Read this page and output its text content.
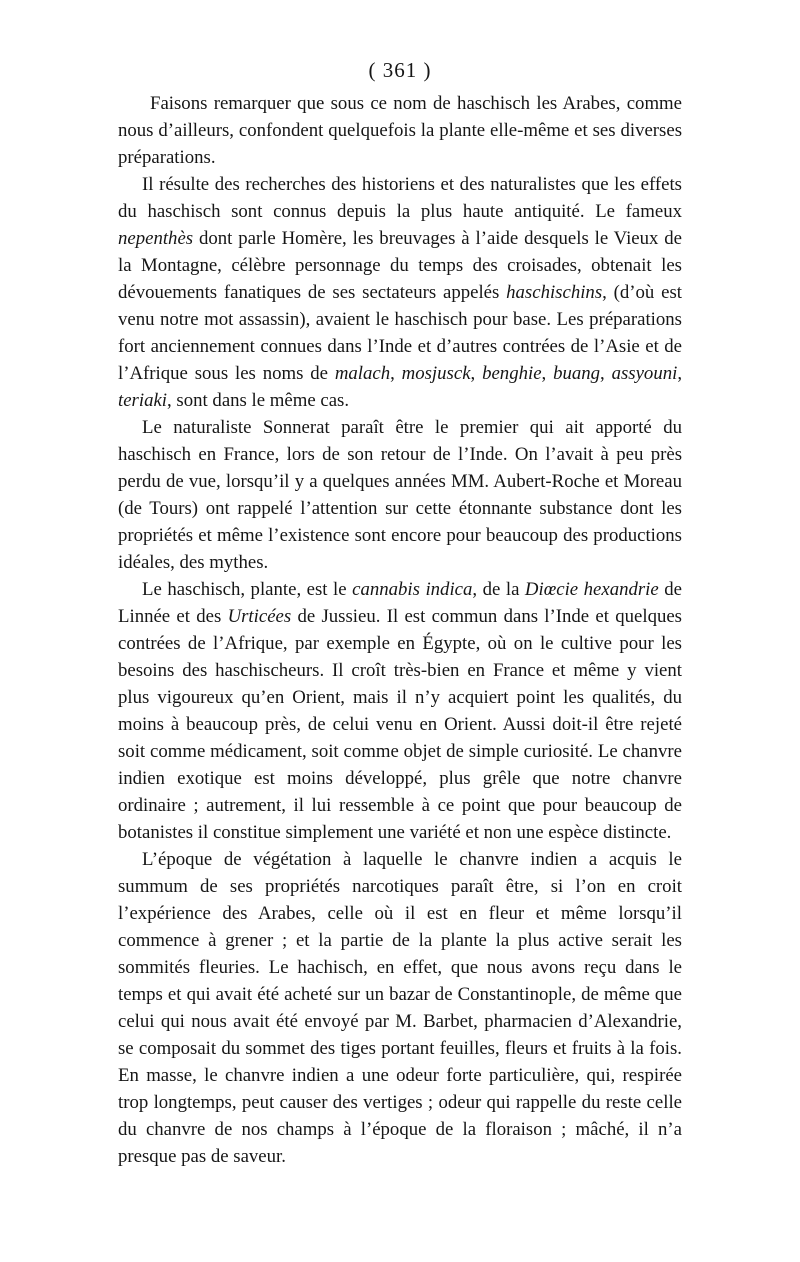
( 361 )

Faisons remarquer que sous ce nom de haschisch les Arabes, comme nous d’ailleurs, confondent quelquefois la plante elle-même et ses diverses préparations.

Il résulte des recherches des historiens et des naturalistes que les effets du haschisch sont connus depuis la plus haute antiquité. Le fameux nepenthès dont parle Homère, les breuvages à l’aide desquels le Vieux de la Montagne, célèbre personnage du temps des croisades, obtenait les dévouements fanatiques de ses sectateurs appelés haschischins, (d’où est venu notre mot assassin), avaient le haschisch pour base. Les préparations fort anciennement connues dans l’Inde et d’autres contrées de l’Asie et de l’Afrique sous les noms de malach, mosjusck, benghie, buang, assyouni, teriaki, sont dans le même cas.

Le naturaliste Sonnerat paraît être le premier qui ait apporté du haschisch en France, lors de son retour de l’Inde. On l’avait à peu près perdu de vue, lorsqu’il y a quelques années MM. Aubert-Roche et Moreau (de Tours) ont rappelé l’attention sur cette étonnante substance dont les propriétés et même l’existence sont encore pour beaucoup des productions idéales, des mythes.

Le haschisch, plante, est le cannabis indica, de la Diœcie hexandrie de Linnée et des Urticées de Jussieu. Il est commun dans l’Inde et quelques contrées de l’Afrique, par exemple en Égypte, où on le cultive pour les besoins des haschischeurs. Il croît très-bien en France et même y vient plus vigoureux qu’en Orient, mais il n’y acquiert point les qualités, du moins à beaucoup près, de celui venu en Orient. Aussi doit-il être rejeté soit comme médicament, soit comme objet de simple curiosité. Le chanvre indien exotique est moins développé, plus grêle que notre chanvre ordinaire ; autrement, il lui ressemble à ce point que pour beaucoup de botanistes il constitue simplement une variété et non une espèce distincte.

L’époque de végétation à laquelle le chanvre indien a acquis le summum de ses propriétés narcotiques paraît être, si l’on en croit l’expérience des Arabes, celle où il est en fleur et même lorsqu’il commence à grener ; et la partie de la plante la plus active serait les sommités fleuries. Le hachisch, en effet, que nous avons reçu dans le temps et qui avait été acheté sur un bazar de Constantinople, de même que celui qui nous avait été envoyé par M. Barbet, pharmacien d’Alexandrie, se composait du sommet des tiges portant feuilles, fleurs et fruits à la fois. En masse, le chanvre indien a une odeur forte particulière, qui, respirée trop longtemps, peut causer des vertiges ; odeur qui rappelle du reste celle du chanvre de nos champs à l’époque de la floraison ; mâché, il n’a presque pas de saveur.
